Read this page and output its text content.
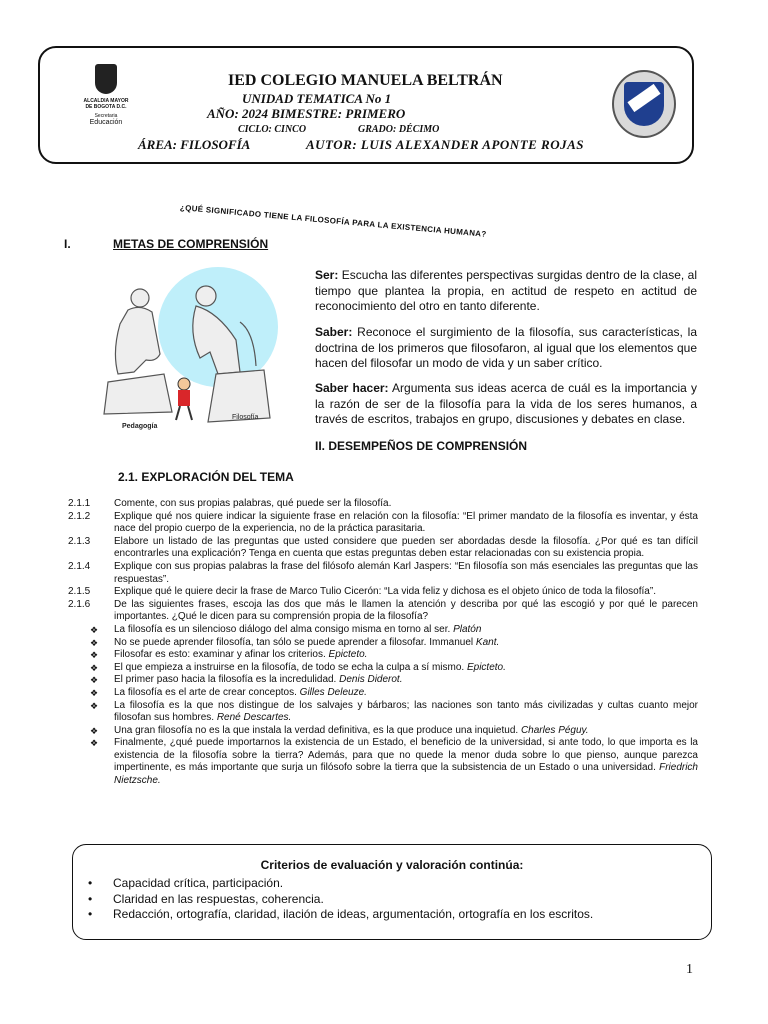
ALCALDIA MAYOR DE BOGOTA D.C.
Secretaria
Educación
IED COLEGIO MANUELA BELTRÁN
UNIDAD TEMATICA No 1
AÑO: 2024 BIMESTRE: PRIMERO
CICLO: CINCO	GRADO: DÉCIMO
ÁREA: FILOSOFÍA	AUTOR: LUIS ALEXANDER APONTE ROJAS
¿QUÉ SIGNIFICADO TIENE LA FILOSOFÍA PARA LA EXISTENCIA HUMANA?
I.	METAS DE COMPRENSIÓN
Pedagogía
Filosofía
Ser: Escucha las diferentes perspectivas surgidas dentro de la clase, al tiempo que plantea la propia, en actitud de respeto en actitud de reconocimiento del otro en tanto diferente.
Saber: Reconoce el surgimiento de la filosofía, sus características, la doctrina de los primeros que filosofaron, al igual que los elementos que hacen del filosofar un modo de vida y un saber crítico.
Saber hacer: Argumenta sus ideas acerca de cuál es la importancia y la razón de ser de la filosofía para la vida de los seres humanos, a través de escritos, trabajos en grupo, discusiones y debates en clase.
II. DESEMPEÑOS DE COMPRENSIÓN
2.1. EXPLORACIÓN DEL TEMA
2.1.1 Comente, con sus propias palabras, qué puede ser la filosofía.
2.1.2 Explique qué nos quiere indicar la siguiente frase en relación con la filosofía: “El primer mandato de la filosofía es inventar, y ésta nace del propio cuerpo de la experiencia, no de la práctica parasitaria.
2.1.3 Elabore un listado de las preguntas que usted considere que pueden ser abordadas desde la filosofía. ¿Por qué es tan difícil encontrarles una explicación? Tenga en cuenta que estas preguntas deben estar relacionadas con su existencia propia.
2.1.4 Explique con sus propias palabras la frase del filósofo alemán Karl Jaspers: “En filosofía son más esenciales las preguntas que las respuestas”.
2.1.5 Explique qué le quiere decir la frase de Marco Tulio Cicerón: “La vida feliz y dichosa es el objeto único de toda la filosofía”.
2.1.6 De las siguientes frases, escoja las dos que más le llamen la atención y describa por qué las escogió y por qué le parecen importantes. ¿Qué le dicen para su comprensión propia de la filosofía?
❖ La filosofía es un silencioso diálogo del alma consigo misma en torno al ser. Platón
❖ No se puede aprender filosofía, tan sólo se puede aprender a filosofar. Immanuel Kant.
❖ Filosofar es esto: examinar y afinar los criterios. Epicteto.
❖ El que empieza a instruirse en la filosofía, de todo se echa la culpa a sí mismo. Epicteto.
❖ El primer paso hacia la filosofía es la incredulidad. Denis Diderot.
❖ La filosofía es el arte de crear conceptos. Gilles Deleuze.
❖ La filosofía es la que nos distingue de los salvajes y bárbaros; las naciones son tanto más civilizadas y cultas cuanto mejor filosofan sus hombres. René Descartes.
❖ Una gran filosofía no es la que instala la verdad definitiva, es la que produce una inquietud. Charles Péguy.
❖ Finalmente, ¿qué puede importarnos la existencia de un Estado, el beneficio de la universidad, si ante todo, lo que importa es la existencia de la filosofía sobre la tierra? Además, para que no quede la menor duda sobre lo que pienso, aunque parezca impertinente, es más importante que surja un filósofo sobre la tierra que la subsistencia de un Estado o una universidad. Friedrich Nietzsche.
Criterios de evaluación y valoración continúa:
• Capacidad crítica, participación.
• Claridad en las respuestas, coherencia.
• Redacción, ortografía, claridad, ilación de ideas, argumentación, ortografía en los escritos.
1
